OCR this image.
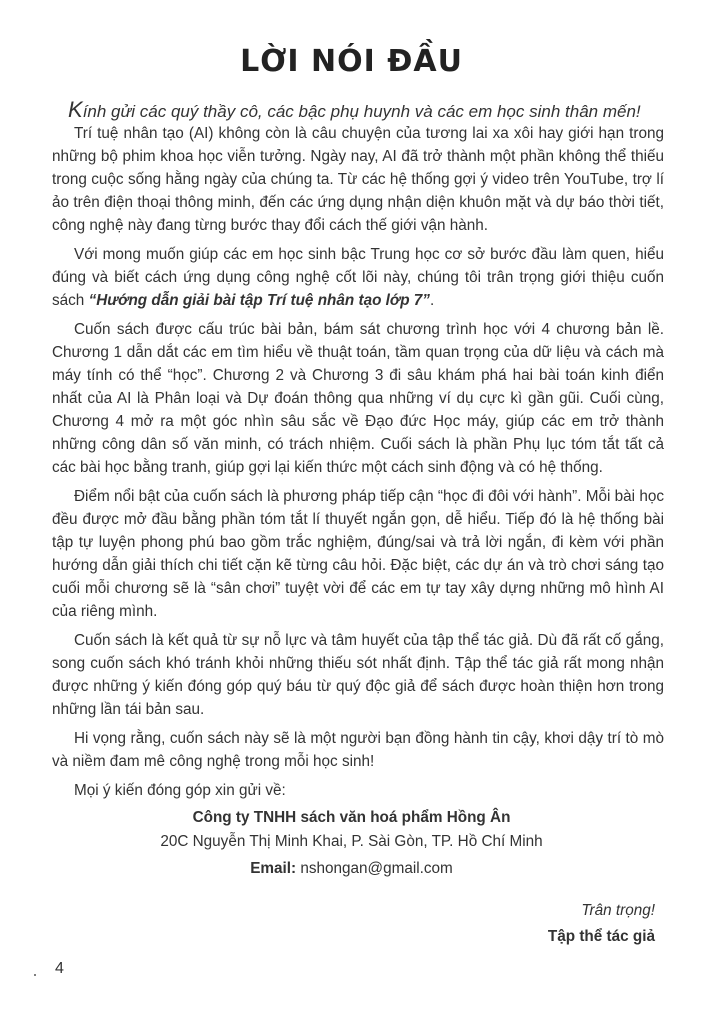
LỜI NÓI ĐẦU
Kính gửi các quý thầy cô, các bậc phụ huynh và các em học sinh thân mến!

Trí tuệ nhân tạo (AI) không còn là câu chuyện của tương lai xa xôi hay giới hạn trong những bộ phim khoa học viễn tưởng. Ngày nay, AI đã trở thành một phần không thể thiếu trong cuộc sống hằng ngày của chúng ta. Từ các hệ thống gợi ý video trên YouTube, trợ lí ảo trên điện thoại thông minh, đến các ứng dụng nhận diện khuôn mặt và dự báo thời tiết, công nghệ này đang từng bước thay đổi cách thế giới vận hành.

Với mong muốn giúp các em học sinh bậc Trung học cơ sở bước đầu làm quen, hiểu đúng và biết cách ứng dụng công nghệ cốt lõi này, chúng tôi trân trọng giới thiệu cuốn sách “Hướng dẫn giải bài tập Trí tuệ nhân tạo lớp 7”.

Cuốn sách được cấu trúc bài bản, bám sát chương trình học với 4 chương bản lề. Chương 1 dẫn dắt các em tìm hiểu về thuật toán, tầm quan trọng của dữ liệu và cách mà máy tính có thể “học”. Chương 2 và Chương 3 đi sâu khám phá hai bài toán kinh điển nhất của AI là Phân loại và Dự đoán thông qua những ví dụ cực kì gần gũi. Cuối cùng, Chương 4 mở ra một góc nhìn sâu sắc về Đạo đức Học máy, giúp các em trở thành những công dân số văn minh, có trách nhiệm. Cuối sách là phần Phụ lục tóm tắt tất cả các bài học bằng tranh, giúp gợi lại kiến thức một cách sinh động và có hệ thống.

Điểm nổi bật của cuốn sách là phương pháp tiếp cận “học đi đôi với hành”. Mỗi bài học đều được mở đầu bằng phần tóm tắt lí thuyết ngắn gọn, dễ hiểu. Tiếp đó là hệ thống bài tập tự luyện phong phú bao gồm trắc nghiệm, đúng/sai và trả lời ngắn, đi kèm với phần hướng dẫn giải thích chi tiết cặn kẽ từng câu hỏi. Đặc biệt, các dự án và trò chơi sáng tạo cuối mỗi chương sẽ là “sân chơi” tuyệt vời để các em tự tay xây dựng những mô hình AI của riêng mình.

Cuốn sách là kết quả từ sự nỗ lực và tâm huyết của tập thể tác giả. Dù đã rất cố gắng, song cuốn sách khó tránh khỏi những thiếu sót nhất định. Tập thể tác giả rất mong nhận được những ý kiến đóng góp quý báu từ quý độc giả để sách được hoàn thiện hơn trong những lần tái bản sau.

Hi vọng rằng, cuốn sách này sẽ là một người bạn đồng hành tin cậy, khơi dậy trí tò mò và niềm đam mê công nghệ trong mỗi học sinh!

Mọi ý kiến đóng góp xin gửi về:

Công ty TNHH sách văn hoá phẩm Hồng Ân
20C Nguyễn Thị Minh Khai, P. Sài Gòn, TP. Hồ Chí Minh
Email: nshongan@gmail.com
Trân trọng!
Tập thể tác giả
4
